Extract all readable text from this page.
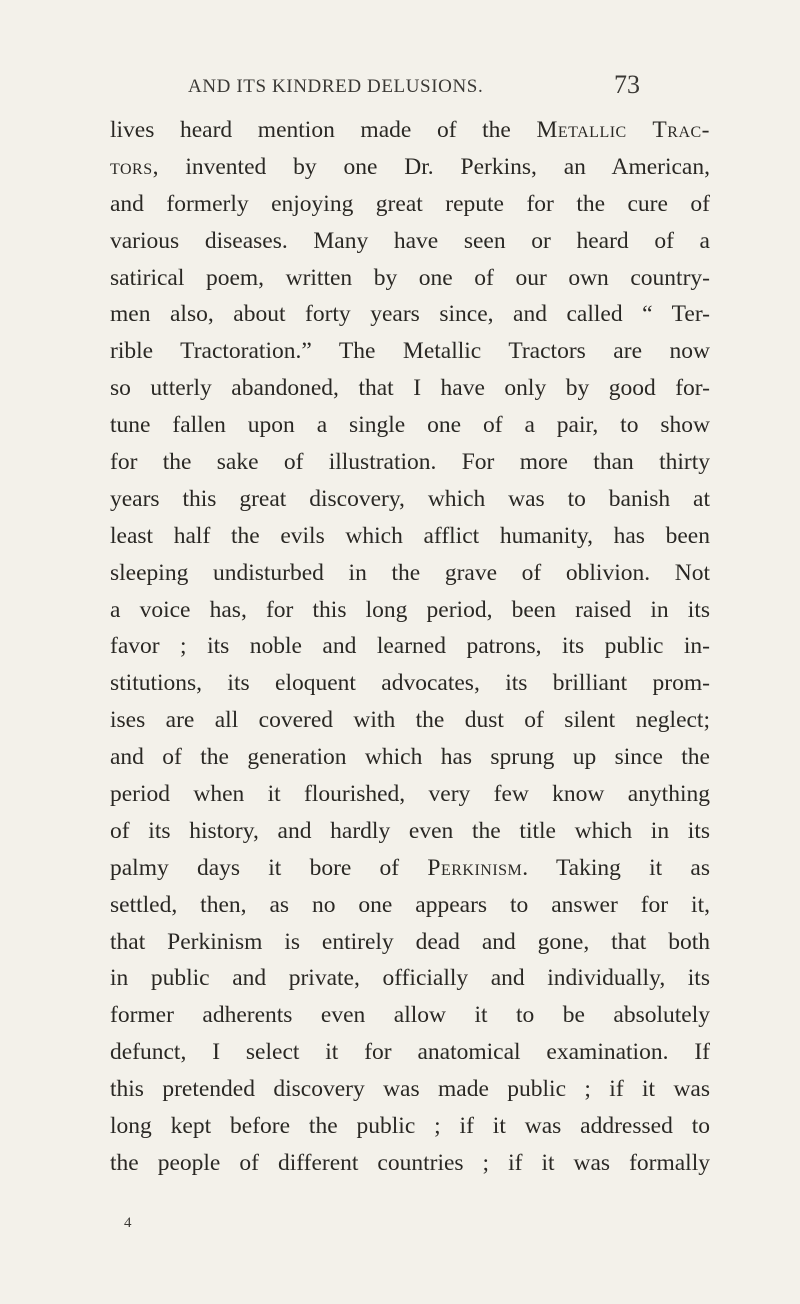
AND ITS KINDRED DELUSIONS.	73
lives heard mention made of the Metallic Trac-
tors, invented by one Dr. Perkins, an American,
and formerly enjoying great repute for the cure of
various diseases. Many have seen or heard of a
satirical poem, written by one of our own country-
men also, about forty years since, and called “ Ter-
rible Tractoration.” The Metallic Tractors are now
so utterly abandoned, that I have only by good for-
tune fallen upon a single one of a pair, to show
for the sake of illustration. For more than thirty
years this great discovery, which was to banish at
least half the evils which afflict humanity, has been
sleeping undisturbed in the grave of oblivion. Not
a voice has, for this long period, been raised in its
favor ; its noble and learned patrons, its public in-
stitutions, its eloquent advocates, its brilliant prom-
ises are all covered with the dust of silent neglect;
and of the generation which has sprung up since the
period when it flourished, very few know anything
of its history, and hardly even the title which in its
palmy days it bore of Perkinism. Taking it as
settled, then, as no one appears to answer for it,
that Perkinism is entirely dead and gone, that both
in public and private, officially and individually, its
former adherents even allow it to be absolutely
defunct, I select it for anatomical examination. If
this pretended discovery was made public ; if it was
long kept before the public ; if it was addressed to
the people of different countries ; if it was formally
4
